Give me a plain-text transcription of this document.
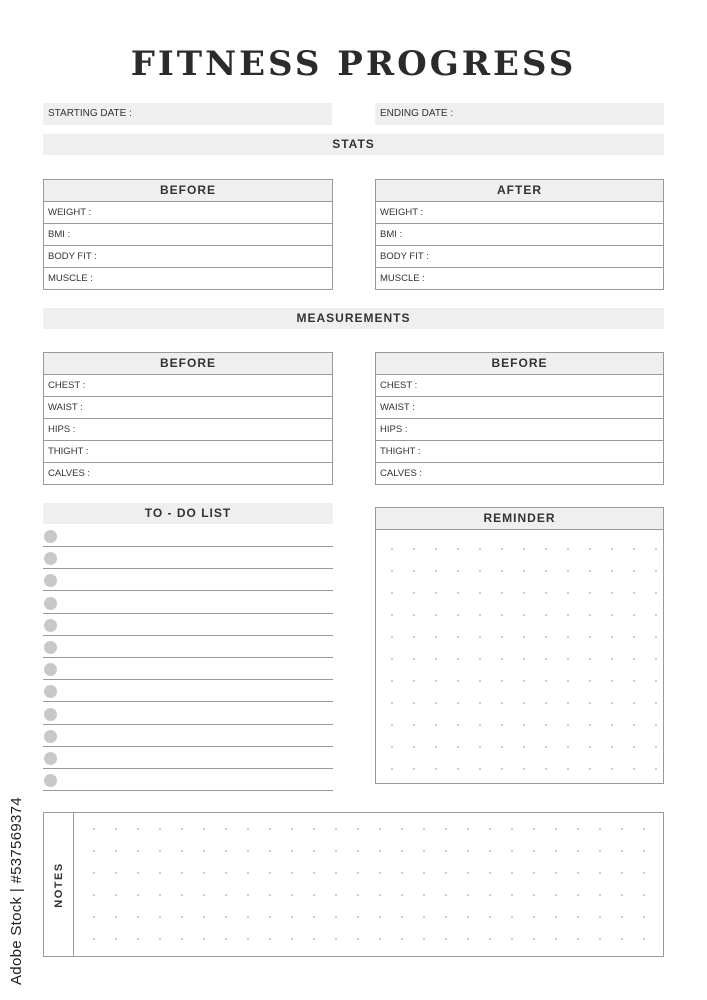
FITNESS PROGRESS
STARTING DATE :	ENDING DATE :
STATS
BEFORE
WEIGHT :
BMI :
BODY FIT :
MUSCLE :
AFTER
WEIGHT :
BMI :
BODY FIT :
MUSCLE :
MEASUREMENTS
BEFORE
CHEST :
WAIST :
HIPS :
THIGHT :
CALVES :
BEFORE
CHEST :
WAIST :
HIPS :
THIGHT :
CALVES :
TO - DO LIST	REMINDER
NOTES
Adobe Stock | #537569374
